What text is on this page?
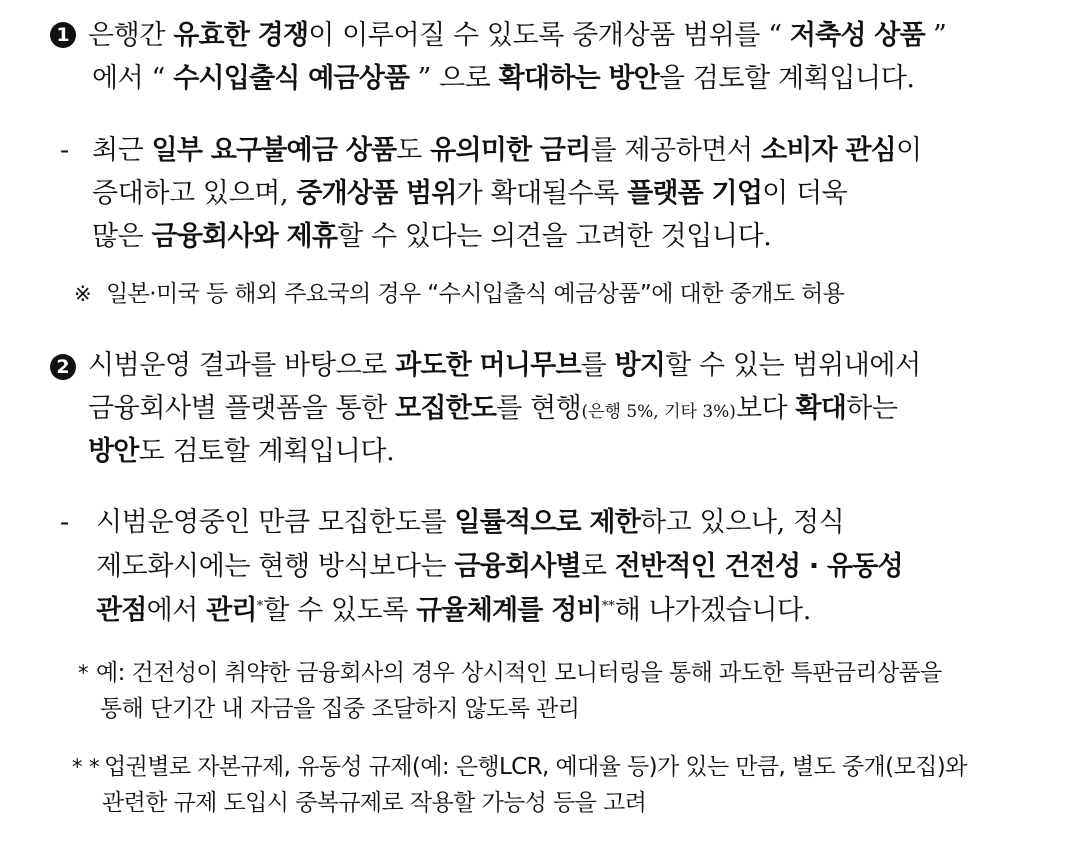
1 은행간 유효한 경쟁이 이루어질 수 있도록 중개상품 범위를 “ 저축성 상품 ”
에서 “ 수시입출식 예금상품 ” 으로 확대하는 방안을 검토할 계획입니다.
- 최근 일부 요구불예금 상품도 유의미한 금리를 제공하면서 소비자 관심이
증대하고 있으며, 중개상품 범위가 확대될수록 플랫폼 기업이 더욱
많은 금융회사와 제휴할 수 있다는 의견을 고려한 것입니다.
※ 일본·미국 등 해외 주요국의 경우 “수시입출식 예금상품”에 대한 중개도 허용
2 시범운영 결과를 바탕으로 과도한 머니무브를 방지할 수 있는 범위내에서
금융회사별 플랫폼을 통한 모집한도를 현행(은행 5%, 기타 3%)보다 확대하는
방안도 검토할 계획입니다.
- 시범운영중인 만큼 모집한도를 일률적으로 제한하고 있으나, 정식
제도화시에는 현행 방식보다는 금융회사별로 전반적인 건전성 · 유동성
관점에서 관리*할 수 있도록 규율체계를 정비**해 나가겠습니다.
* 예: 건전성이 취약한 금융회사의 경우 상시적인 모니터링을 통해 과도한 특판금리상품을
통해 단기간 내 자금을 집중 조달하지 않도록 관리
* * 업권별로 자본규제, 유동성 규제(예: 은행LCR, 예대율 등)가 있는 만큼, 별도 중개(모집)와
관련한 규제 도입시 중복규제로 작용할 가능성 등을 고려
